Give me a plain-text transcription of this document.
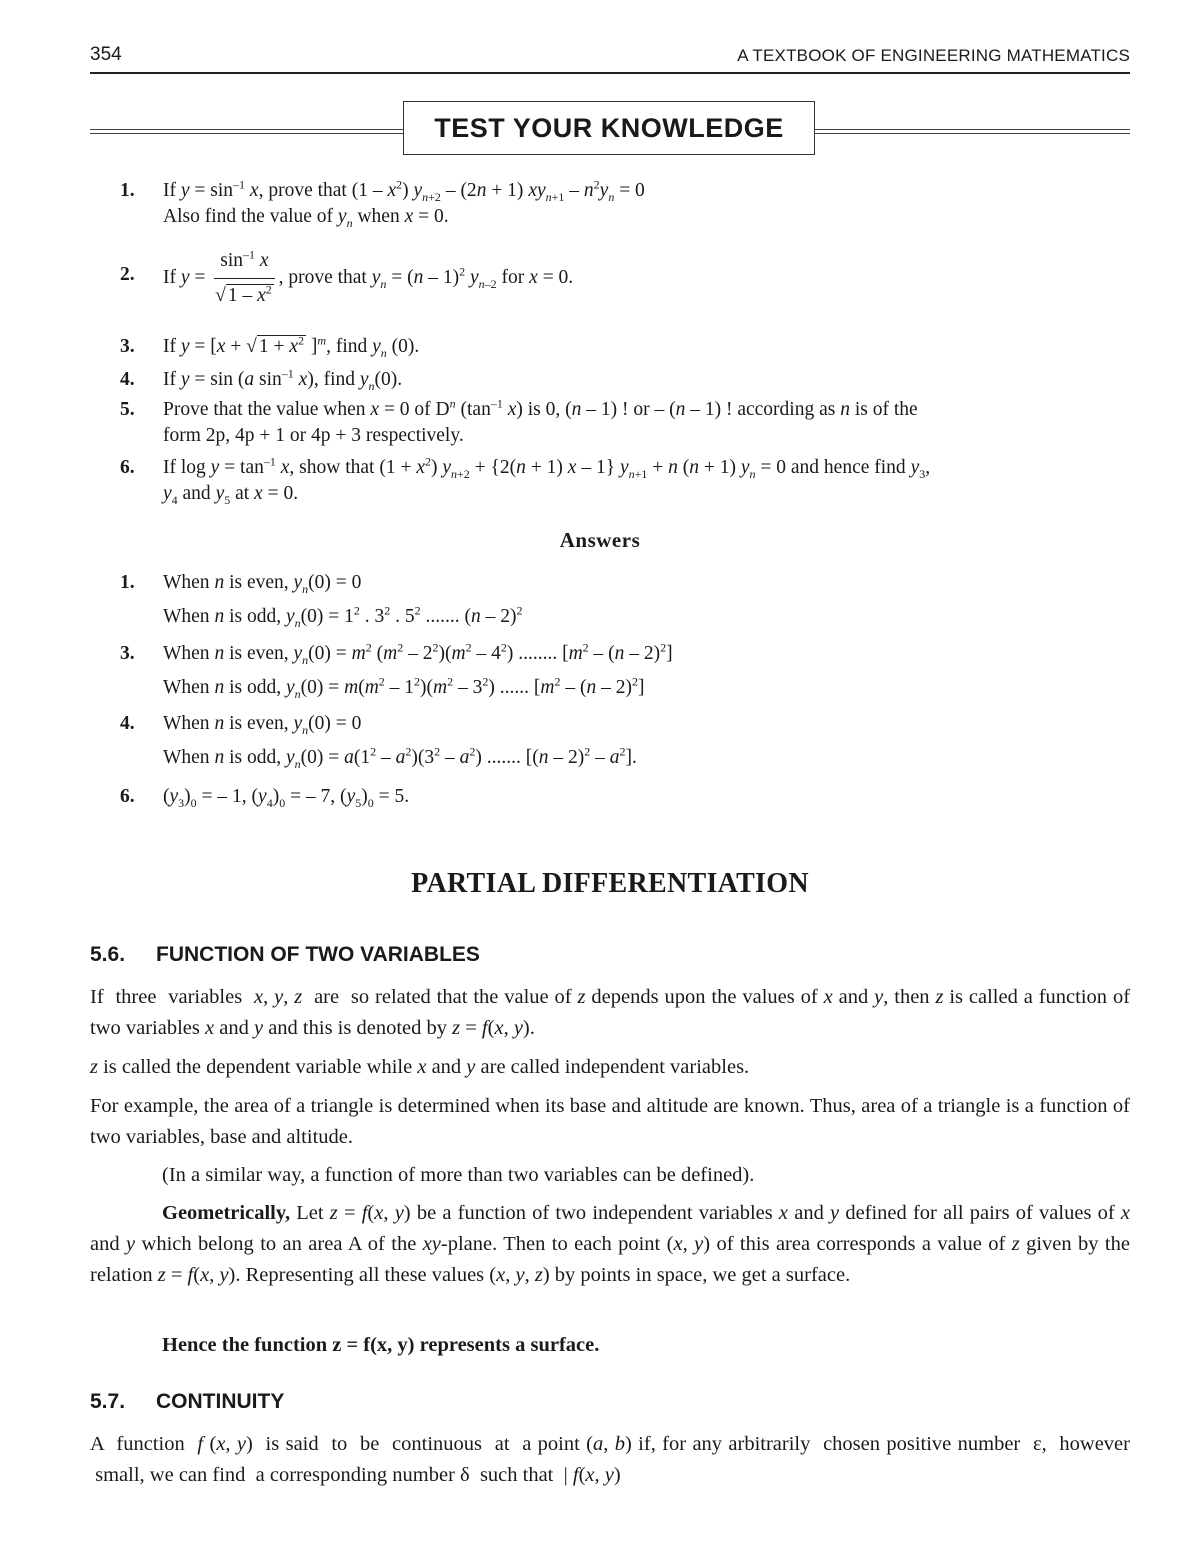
354	A TEXTBOOK OF ENGINEERING MATHEMATICS
TEST YOUR KNOWLEDGE
1. If $y = \sin^{-1} x$, prove that $(1 - x^2)$ $y_{n+2} - (2n + 1)$ $xy_{n+1} - n^2y_n = 0$
Also find the value of $y_n$ when x = 0.
2. If $y = \frac{\sin^{-1} x}{√ 1 - x^2}$ , prove that $y_n = (n - 1)^2$ $y_{n-2}$ for x = 0.
3. If y = [x + √ $1 + x^2$ ]$^m$, find $y_n$ (0).
4. If y = sin (a $\sin^{-1} x$), find $y_n(0)$.
5. Prove that the value when x = 0 of $D^n$ ($\tan^{-1}$ x) is 0, (n – 1) ! or – (n – 1) ! according as n is of the
form 2p, 4p + 1 or 4p + 3 respectively.
6. If $\log y = \tan^{-1} x$, show that $(1 + x^2)$ $y_{n+2} + \{2(n + 1)$ x – 1} $y_{n+1} + n$ (n + 1) $y_n = 0$ and hence find $y_3$,
$y_4$ and $y_5$ at x = 0.
Answers
1. When n is even, $y_n(0) = 0$
When n is odd, $y_n(0) = 1^2$ . $3^2$ . $5^2$ ....... (n – 2)$^2$
3. When n is even, $y_n(0) = m^2$ $(m^2 - 2^2)(m^2 - 4^2)$ ........ $[m^2 - (n - 2)^2]$
When n is odd, $y_n(0) = m(m^2 - 1^2)(m^2 - 3^2)$ ...... $[m^2 - (n - 2)^2]$
4. When n is even, $y_n(0) = 0$
When n is odd, $y_n(0) = a(1^2 - a^2)(3^2 - a^2)$ ....... $[(n - 2)^2 - a^2]$.
6. $(y_3)_0$ = – 1, $(y_4)_0$ = – 7, $(y_5)_0 = 5$.
PARTIAL DIFFERENTIATION
5.6. FUNCTION OF TWO VARIABLES
If  three  variables  x, y, z  are  so related that the value of z depends upon the values of x and y, then z is called a function of two variables x and y and this is denoted by z = f(x, y).
z is called the dependent variable while x and y are called independent variables.
For example, the area of a triangle is determined when its base and altitude are known. Thus, area of a triangle is a function of two variables, base and altitude.
(In a similar way, a function of more than two variables can be defined).
Geometrically, Let z = f(x, y) be a function of two independent variables x and y defined for all pairs of values of x and y which belong to an area A of the xy-plane. Then to each point (x, y) of this area corresponds a value of z given by the relation z = f(x, y). Representing all these values (x, y, z) by points in space, we get a surface.
Hence the function z = f(x, y) represents a surface.
5.7. CONTINUITY
A  function  f (x, y)  is said  to  be  continuous  at  a point (a, b) if, for any arbitrarily  chosen positive number  ε,  however  small, we can find  a corresponding number δ  such that  | f(x, y)
